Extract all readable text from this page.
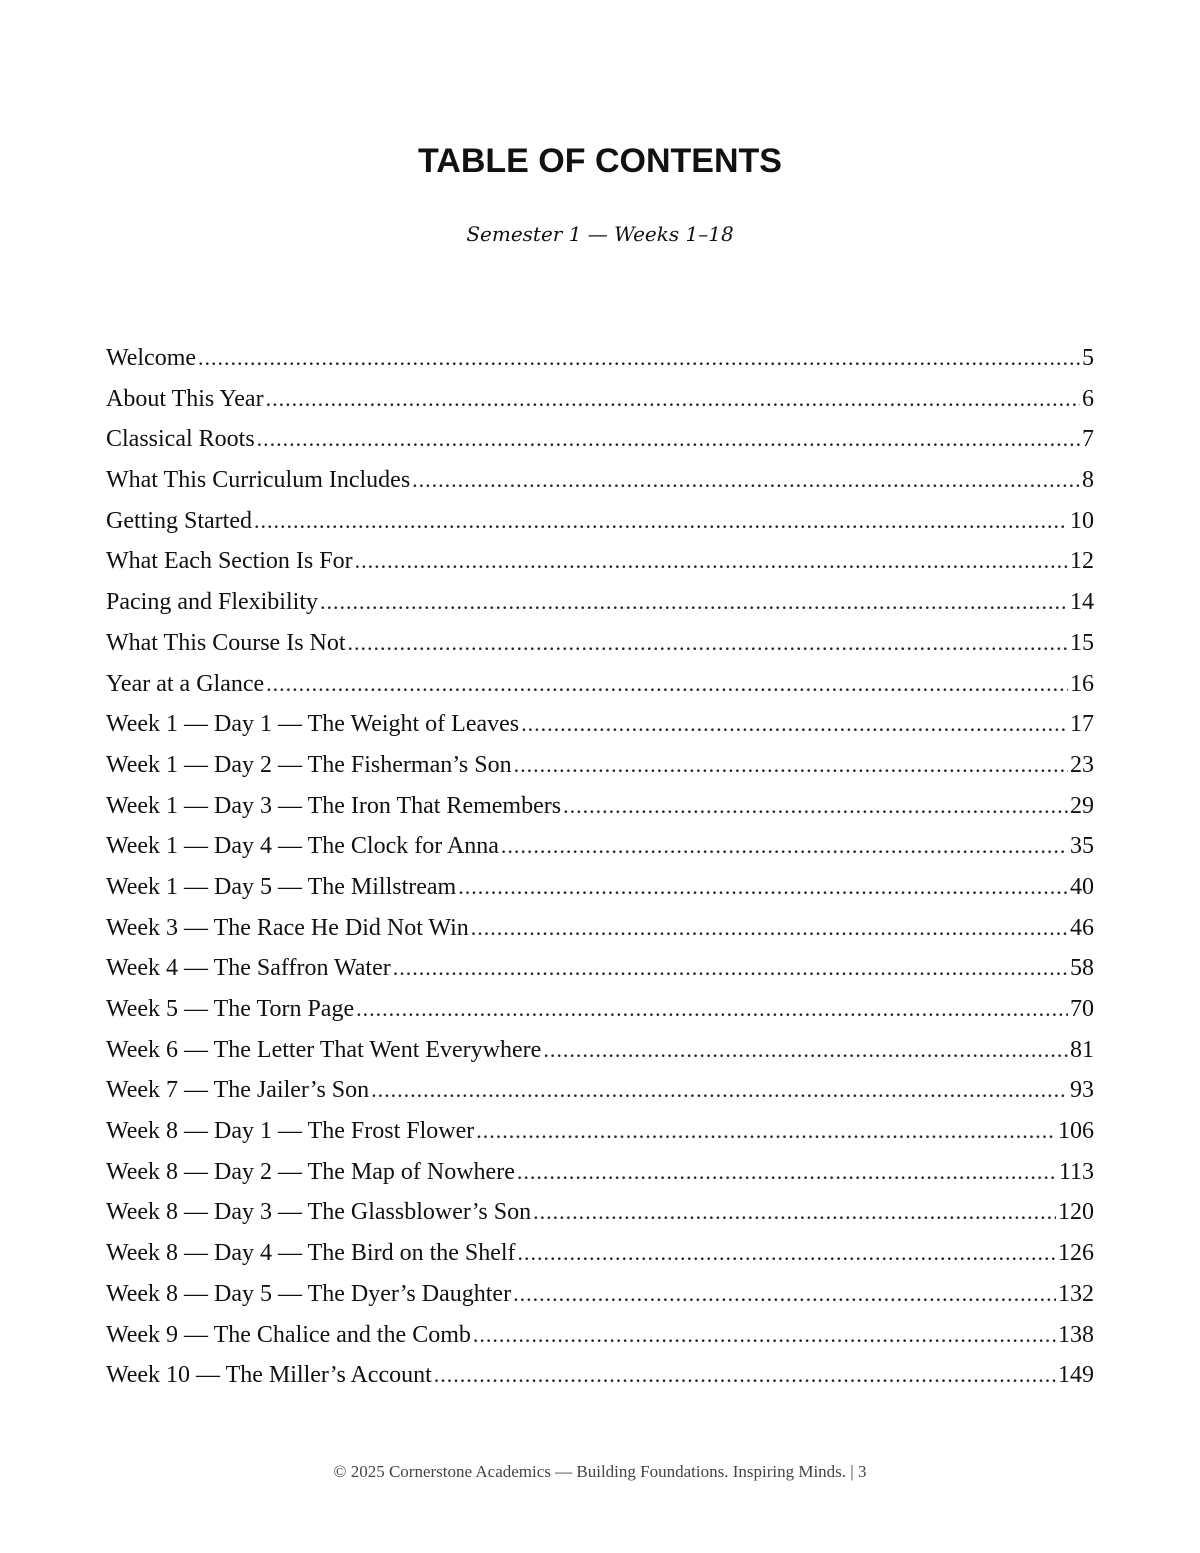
TABLE OF CONTENTS

Semester 1 — Weeks 1–18

Welcome .....	5
About This Year .....	6
Classical Roots .....	7
What This Curriculum Includes .....	8
Getting Started .....	10
What Each Section Is For .....	12
Pacing and Flexibility .....	14
What This Course Is Not .....	15
Year at a Glance .....	16
Week 1 — Day 1 — The Weight of Leaves .....	17
Week 1 — Day 2 — The Fisherman’s Son .....	23
Week 1 — Day 3 — The Iron That Remembers .....	29
Week 1 — Day 4 — The Clock for Anna .....	35
Week 1 — Day 5 — The Millstream .....	40
Week 3 — The Race He Did Not Win .....	46
Week 4 — The Saffron Water .....	58
Week 5 — The Torn Page .....	70
Week 6 — The Letter That Went Everywhere .....	81
Week 7 — The Jailer’s Son .....	93
Week 8 — Day 1 — The Frost Flower .....	106
Week 8 — Day 2 — The Map of Nowhere .....	113
Week 8 — Day 3 — The Glassblower’s Son .....	120
Week 8 — Day 4 — The Bird on the Shelf .....	126
Week 8 — Day 5 — The Dyer’s Daughter .....	132
Week 9 — The Chalice and the Comb .....	138
Week 10 — The Miller’s Account .....	149

© 2025 Cornerstone Academics — Building Foundations. Inspiring Minds. | 3
